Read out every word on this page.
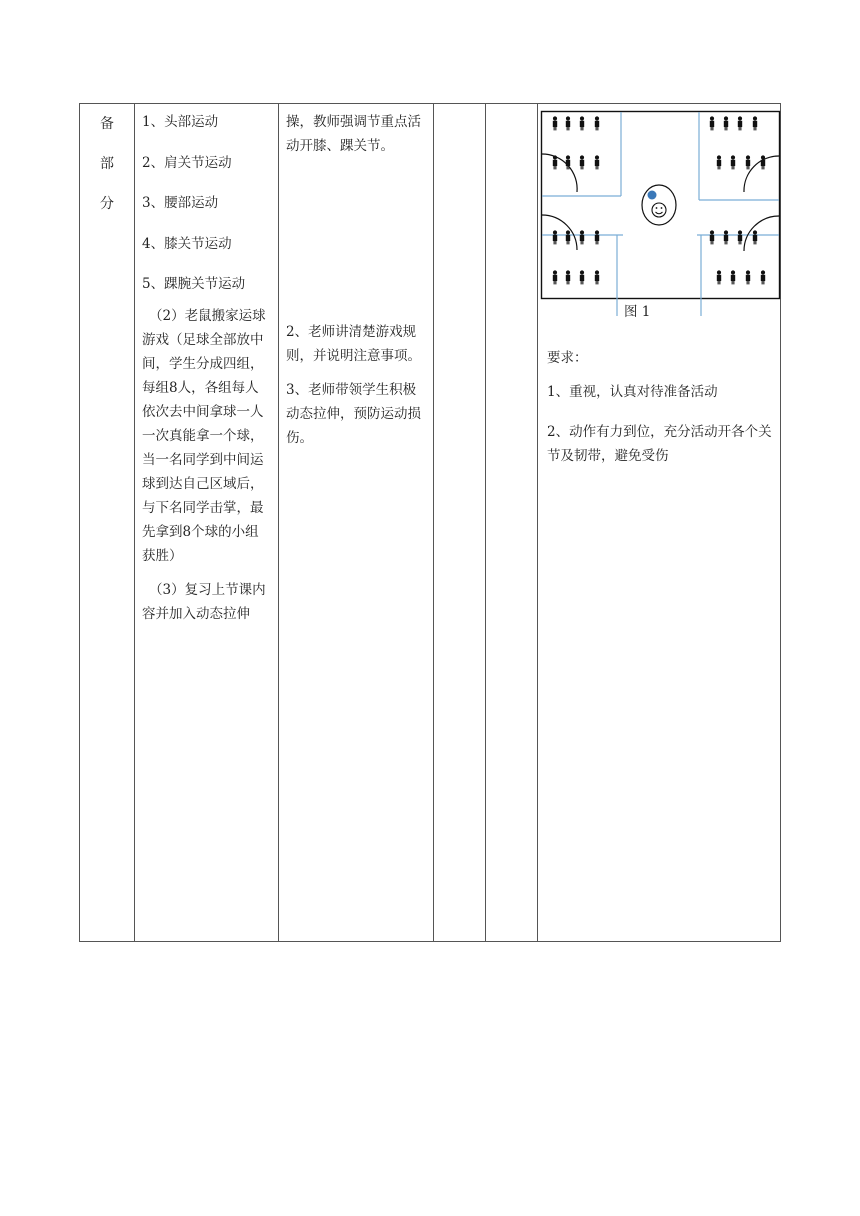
备
部
分

1、头部运动

2、肩关节运动

3、腰部运动

4、膝关节运动

5、踝腕关节运动

（2）老鼠搬家运球游戏（足球全部放中间，学生分成四组，每组8人，各组每人依次去中间拿球一人一次真能拿一个球，当一名同学到中间运球到达自己区域后，与下名同学击掌，最先拿到8个球的小组获胜）

（3）复习上节课内容并加入动态拉伸

操，教师强调节重点活动开膝、踝关节。

2、老师讲清楚游戏规则，并说明注意事项。

3、老师带领学生积极动态拉伸，预防运动损伤。

图 1
要求：
1、重视，认真对待准备活动
2、动作有力到位，充分活动开各个关节及韧带，避免受伤
